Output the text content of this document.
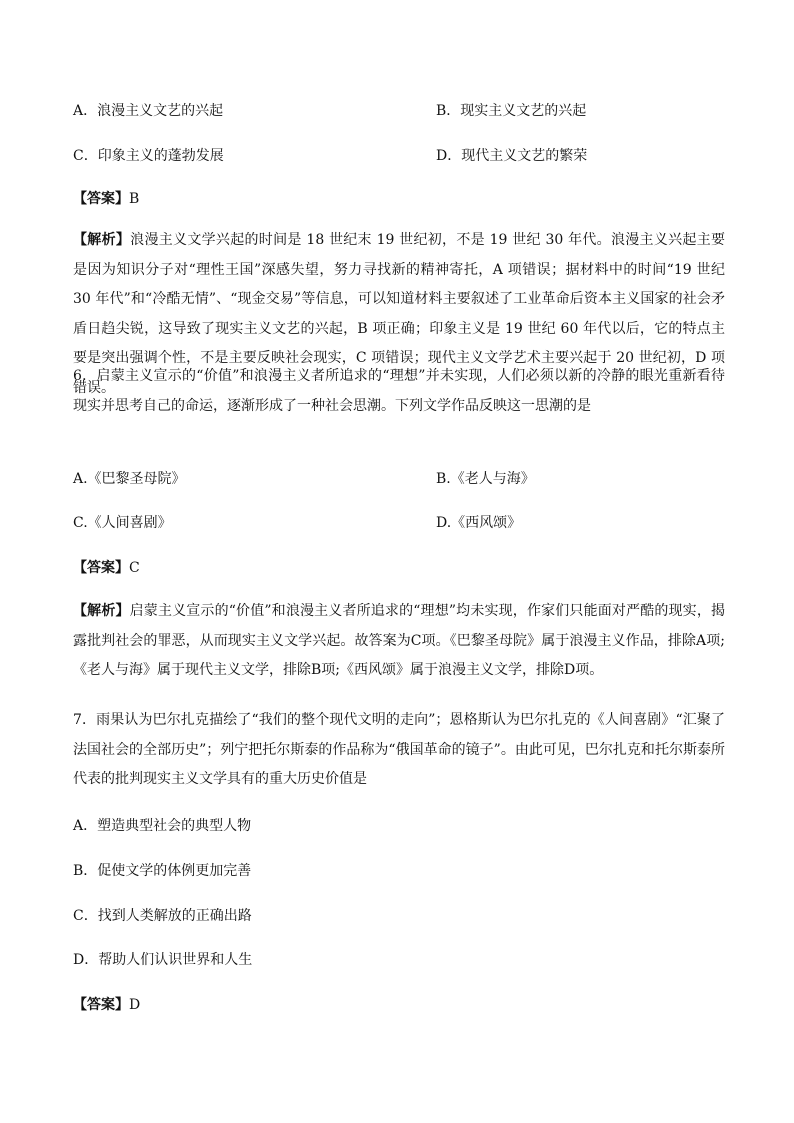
A．浪漫主义文艺的兴起	B．现实主义文艺的兴起
C．印象主义的蓬勃发展	D．现代主义文艺的繁荣
【答案】B
【解析】浪漫主义文学兴起的时间是 18 世纪末 19 世纪初，不是 19 世纪 30 年代。浪漫主义兴起主要是因为知识分子对“理性王国”深感失望，努力寻找新的精神寄托，A 项错误；据材料中的时间“19 世纪 30 年代”和“冷酷无情”、“现金交易”等信息，可以知道材料主要叙述了工业革命后资本主义国家的社会矛盾日趋尖锐，这导致了现实主义文艺的兴起，B 项正确；印象主义是 19 世纪 60 年代以后，它的特点主要是突出强调个性，不是主要反映社会现实，C 项错误；现代主义文学艺术主要兴起于 20 世纪初，D 项错误。
6．启蒙主义宣示的“价值”和浪漫主义者所追求的“理想”并未实现，人们必须以新的冷静的眼光重新看待现实并思考自己的命运，逐渐形成了一种社会思潮。下列文学作品反映这一思潮的是
A.《巴黎圣母院》	B.《老人与海》
C.《人间喜剧》	D.《西风颂》
【答案】C
【解析】启蒙主义宣示的“价值”和浪漫主义者所追求的“理想”均未实现，作家们只能面对严酷的现实，揭露批判社会的罪恶，从而现实主义文学兴起。故答案为C项。《巴黎圣母院》属于浪漫主义作品，排除A项;《老人与海》属于现代主义文学，排除B项;《西风颂》属于浪漫主义文学，排除D项。
7．雨果认为巴尔扎克描绘了“我们的整个现代文明的走向”；恩格斯认为巴尔扎克的《人间喜剧》“汇聚了法国社会的全部历史”；列宁把托尔斯泰的作品称为“俄国革命的镜子”。由此可见，巴尔扎克和托尔斯泰所代表的批判现实主义文学具有的重大历史价值是
A．塑造典型社会的典型人物
B．促使文学的体例更加完善
C．找到人类解放的正确出路
D．帮助人们认识世界和人生
【答案】D
